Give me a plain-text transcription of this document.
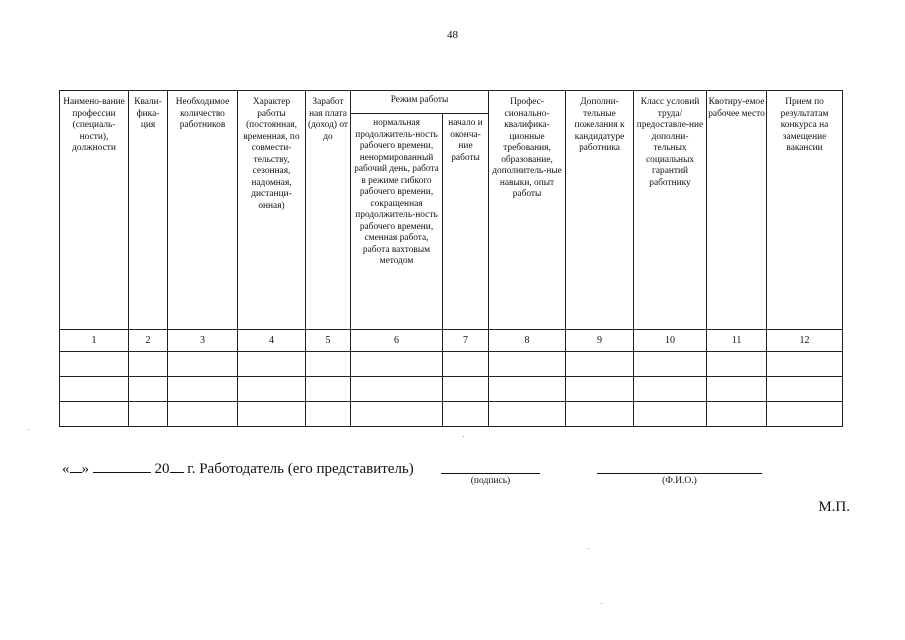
48
Наимено-вание профессии (специаль-ности), должности	Квали-фика-ция	Необходимое количество работников	Характер работы (постоянная, временная, по совмести-тельству, сезонная, надомная, дистанци-онная)	Заработ ная плата (доход) от до	Режим работы		Профес-сионально-квалифика-ционные требования, образование, дополнитель-ные навыки, опыт работы	Дополни-тельные пожелания к кандидатуре работника	Класс условий труда/ предоставле-ние дополни-тельных социальных гарантий работнику	Квотиру-емое рабочее место	Прием по результатам конкурса на замещение вакансии
					нормальная продолжитель-ность рабочего времени, ненормированный рабочий день, работа в режиме гибкого рабочего времени, сокращенная продолжитель-ность рабочего времени, сменная работа, работа вахтовым методом	начало и оконча-ние работы					
1	2	3	4	5	6	7	8	9	10	11	12

« »	20 г. Работодатель (его представитель)
(подпись)	(Ф.И.О.)
М.П.
